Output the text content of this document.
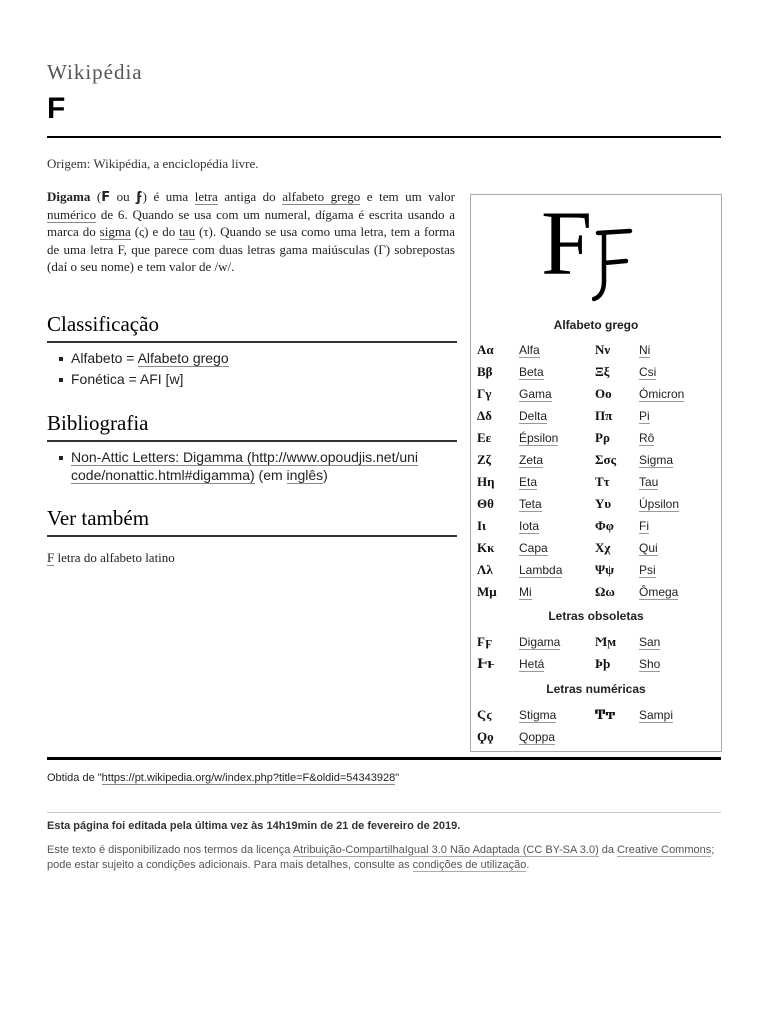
Wikipédia
F
Origem: Wikipédia, a enciclopédia livre.
Digama (F ou ϝ) é uma letra antiga do alfabeto grego e tem um valor numérico de 6. Quando se usa com um numeral, dígama é escrita usando a marca do sigma (ς) e do tau (τ). Quando se usa como uma letra, tem a forma de uma letra F, que parece com duas letras gama maiúsculas (Γ) sobrepostas (daí o seu nome) e tem valor de /w/.
Classificação
Alfabeto = Alfabeto grego
Fonética = AFI [w]
Bibliografia
Non-Attic Letters: Digamma (http://www.opoudjis.net/uni
code/nonattic.html#digamma) (em inglês)
Ver também
F letra do alfabeto latino
F
Alfabeto grego
Αα Alfa
Ββ Beta
Γγ Gama
Δδ Delta
Εε Épsilon
Ζζ Zeta
Ηη Eta
Θθ Teta
Ιι	Iota
Κκ Capa
Λλ Lambda
Μμ Mi
Νν Ni
Ξξ Csi
Οο Ómicron
Ππ Pi
Ρρ Rô
Σσς Sigma
Ττ Tau
Υυ Úpsilon
Φφ Fi
Χχ Qui
Ψψ Psi
Ωω Ômega
Letras obsoletas
Ϝϝ Digama
Ͱͱ Hetá
Ϻϻ San
Ϸϸ Sho
Letras numéricas
Ϛϛ Stigma
Ϙϙ Qoppa
Ͳͳ Sampi
Obtida de "https://pt.wikipedia.org/w/index.php?title=F&oldid=54343928"
Esta página foi editada pela última vez às 14h19min de 21 de fevereiro de 2019.
Este texto é disponibilizado nos termos da licença Atribuição-CompartilhaIgual 3.0 Não Adaptada (CC BY-SA 3.0) da Creative Commons; pode estar sujeito a condições adicionais. Para mais detalhes, consulte as condições de utilização.
